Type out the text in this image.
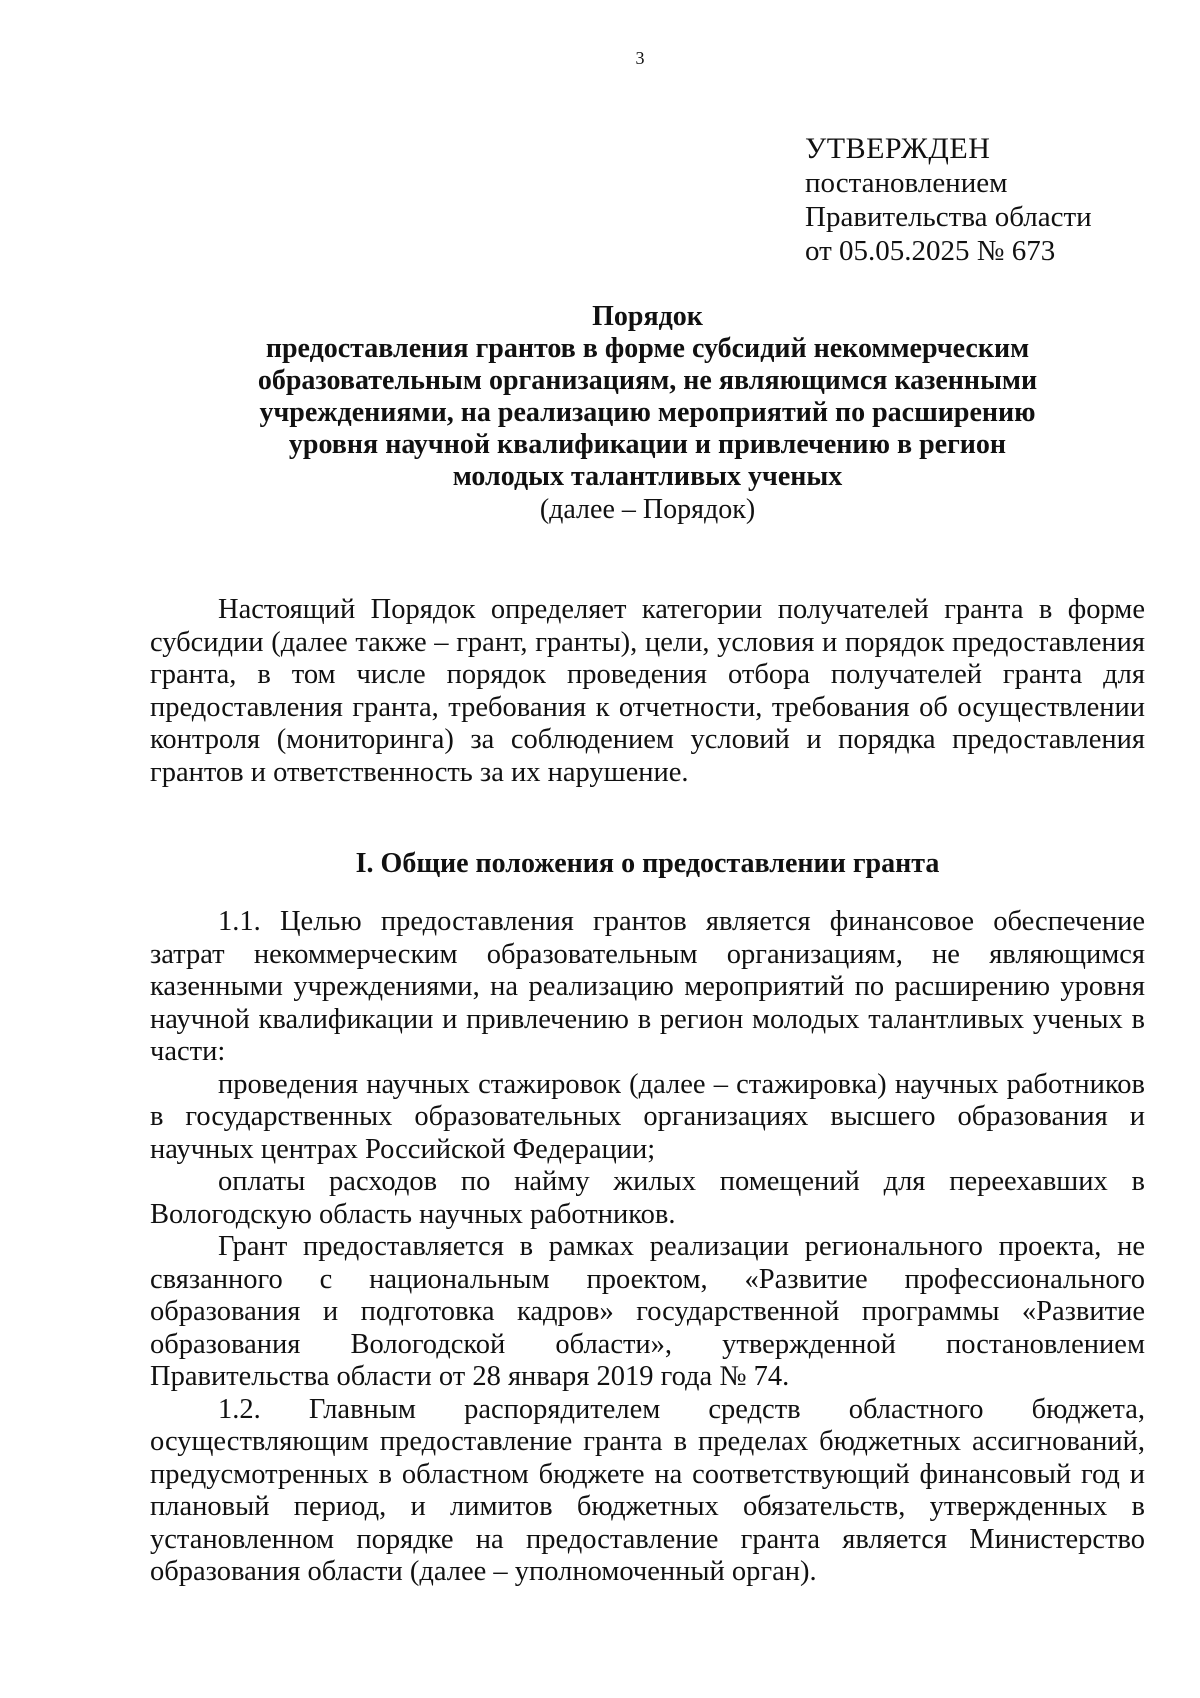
3
УТВЕРЖДЕН
постановлением
Правительства области
от 05.05.2025 № 673
Порядок
предоставления грантов в форме субсидий некоммерческим
образовательным организациям, не являющимся казенными
учреждениями, на реализацию мероприятий по расширению
уровня научной квалификации и привлечению в регион
молодых талантливых ученых
(далее – Порядок)

Настоящий Порядок определяет категории получателей гранта в форме субсидии (далее также – грант, гранты), цели, условия и порядок предоставления гранта, в том числе порядок проведения отбора получателей гранта для предоставления гранта, требования к отчетности, требования об осуществлении контроля (мониторинга) за соблюдением условий и порядка предоставления грантов и ответственность за их нарушение.

I. Общие положения о предоставлении гранта

1.1. Целью предоставления грантов является финансовое обеспечение затрат некоммерческим образовательным организациям, не являющимся казенными учреждениями, на реализацию мероприятий по расширению уровня научной квалификации и привлечению в регион молодых талантливых ученых в части:

проведения научных стажировок (далее – стажировка) научных работников в государственных образовательных организациях высшего образования и научных центрах Российской Федерации;

оплаты расходов по найму жилых помещений для переехавших в Вологодскую область научных работников.

Грант предоставляется в рамках реализации регионального проекта, не связанного с национальным проектом, «Развитие профессионального образования и подготовка кадров» государственной программы «Развитие образования Вологодской области», утвержденной постановлением Правительства области от 28 января 2019 года № 74.

1.2. Главным распорядителем средств областного бюджета, осуществляющим предоставление гранта в пределах бюджетных ассигнований, предусмотренных в областном бюджете на соответствующий финансовый год и плановый период, и лимитов бюджетных обязательств, утвержденных в установленном порядке на предоставление гранта является Министерство образования области (далее – уполномоченный орган).
